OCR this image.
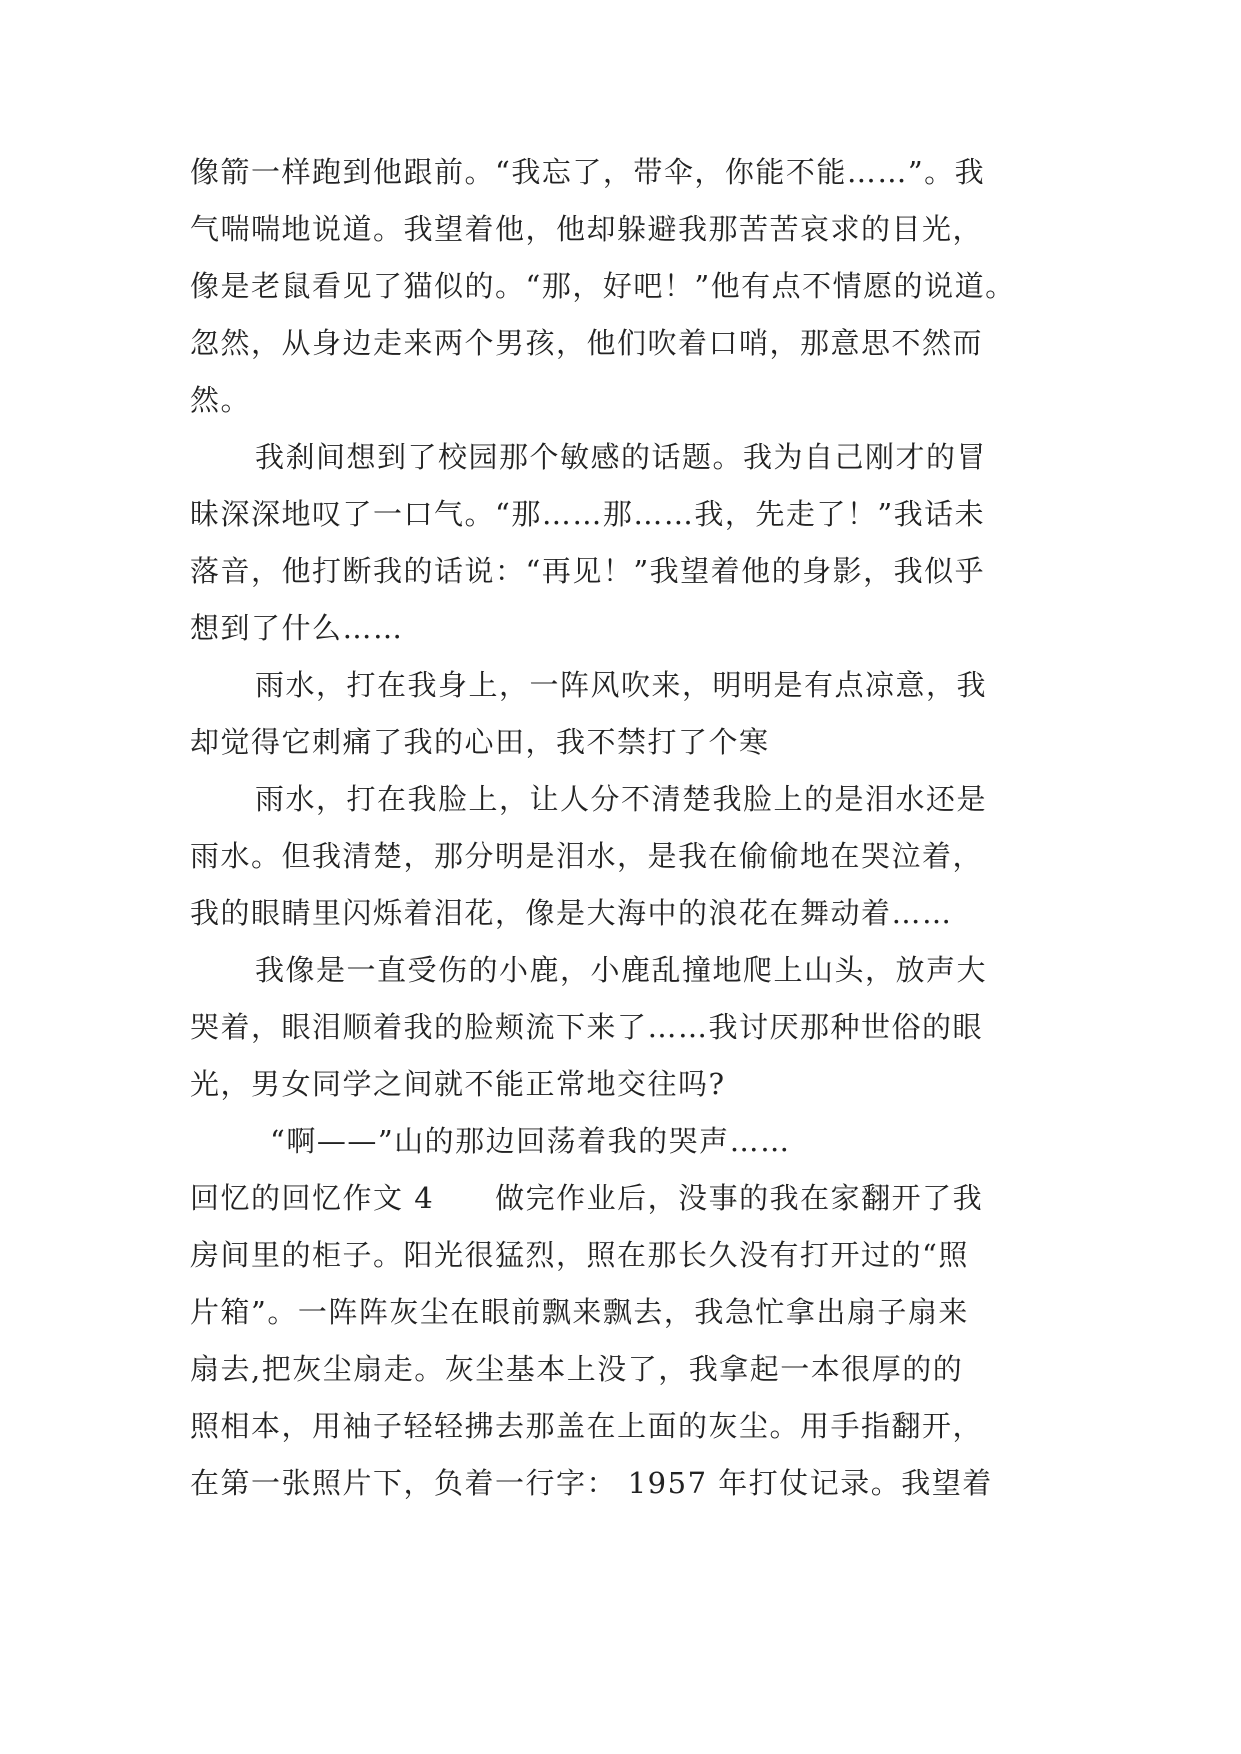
像箭一样跑到他跟前。“我忘了，带伞，你能不能……”。我
气喘喘地说道。我望着他，他却躲避我那苦苦哀求的目光，
像是老鼠看见了猫似的。“那，好吧！”他有点不情愿的说道。
忽然，从身边走来两个男孩，他们吹着口哨，那意思不然而
然。
我刹间想到了校园那个敏感的话题。我为自己刚才的冒
昧深深地叹了一口气。“那……那……我，先走了！”我话未
落音，他打断我的话说：“再见！”我望着他的身影，我似乎
想到了什么……
雨水，打在我身上，一阵风吹来，明明是有点凉意，我
却觉得它刺痛了我的心田，我不禁打了个寒
雨水，打在我脸上，让人分不清楚我脸上的是泪水还是
雨水。但我清楚，那分明是泪水，是我在偷偷地在哭泣着，
我的眼睛里闪烁着泪花，像是大海中的浪花在舞动着……
我像是一直受伤的小鹿，小鹿乱撞地爬上山头，放声大
哭着，眼泪顺着我的脸颊流下来了……我讨厌那种世俗的眼
光，男女同学之间就不能正常地交往吗?
“啊——”山的那边回荡着我的哭声……
回忆的回忆作文 4　　做完作业后，没事的我在家翻开了我
房间里的柜子。阳光很猛烈，照在那长久没有打开过的“照
片箱”。一阵阵灰尘在眼前飘来飘去，我急忙拿出扇子扇来
扇去,把灰尘扇走。灰尘基本上没了，我拿起一本很厚的的
照相本，用袖子轻轻拂去那盖在上面的灰尘。用手指翻开，
在第一张照片下，负着一行字： 1957 年打仗记录。我望着
